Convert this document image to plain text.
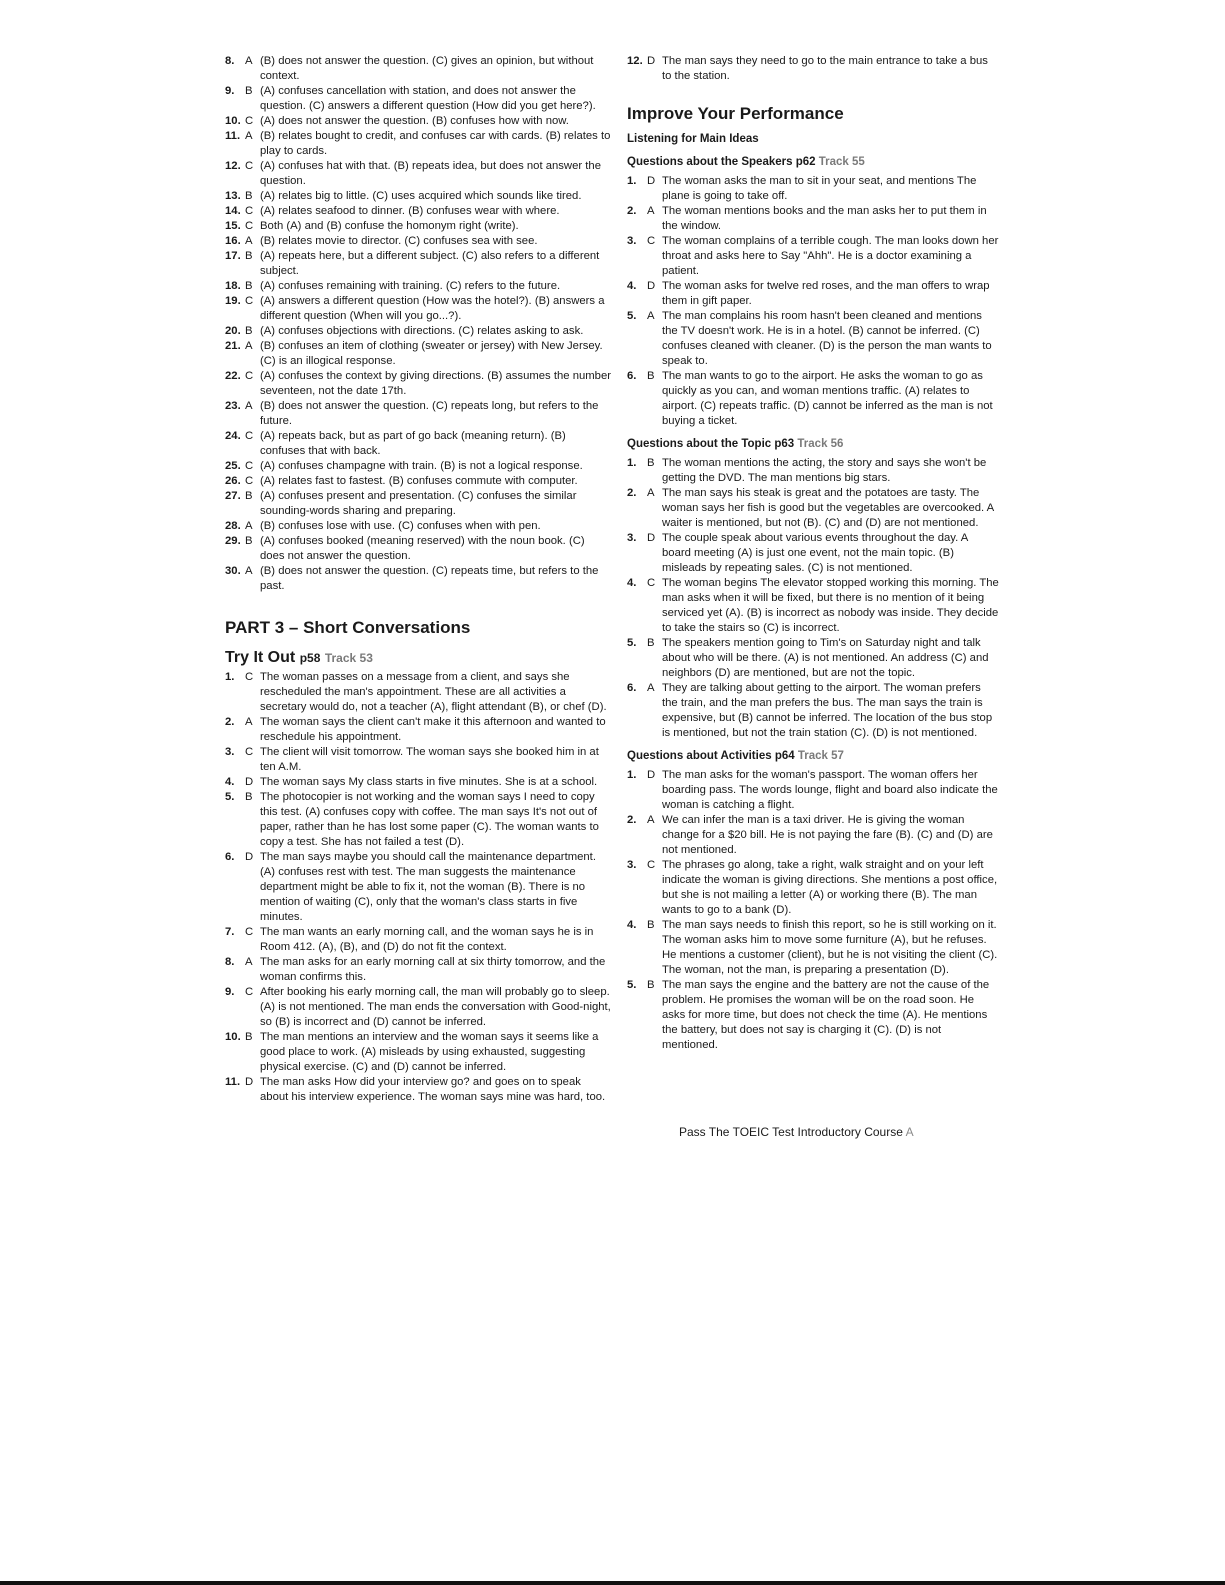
8. A (B) does not answer the question. (C) gives an opinion, but without context.
9. B (A) confuses cancellation with station, and does not answer the question. (C) answers a different question (How did you get here?).
10. C (A) does not answer the question. (B) confuses how with now.
11. A (B) relates bought to credit, and confuses car with cards. (B) relates to play to cards.
12. C (A) confuses hat with that. (B) repeats idea, but does not answer the question.
13. B (A) relates big to little. (C) uses acquired which sounds like tired.
14. C (A) relates seafood to dinner. (B) confuses wear with where.
15. C Both (A) and (B) confuse the homonym right (write).
16. A (B) relates movie to director. (C) confuses sea with see.
17. B (A) repeats here, but a different subject. (C) also refers to a different subject.
18. B (A) confuses remaining with training. (C) refers to the future.
19. C (A) answers a different question (How was the hotel?). (B) answers a different question (When will you go...?).
20. B (A) confuses objections with directions. (C) relates asking to ask.
21. A (B) confuses an item of clothing (sweater or jersey) with New Jersey. (C) is an illogical response.
22. C (A) confuses the context by giving directions. (B) assumes the number seventeen, not the date 17th.
23. A (B) does not answer the question. (C) repeats long, but refers to the future.
24. C (A) repeats back, but as part of go back (meaning return). (B) confuses that with back.
25. C (A) confuses champagne with train. (B) is not a logical response.
26. C (A) relates fast to fastest. (B) confuses commute with computer.
27. B (A) confuses present and presentation. (C) confuses the similar sounding-words sharing and preparing.
28. A (B) confuses lose with use. (C) confuses when with pen.
29. B (A) confuses booked (meaning reserved) with the noun book. (C) does not answer the question.
30. A (B) does not answer the question. (C) repeats time, but refers to the past.
PART 3 – Short Conversations
Try It Out p58 Track 53
1. C The woman passes on a message from a client, and says she rescheduled the man's appointment. These are all activities a secretary would do, not a teacher (A), flight attendant (B), or chef (D).
2. A The woman says the client can't make it this afternoon and wanted to reschedule his appointment.
3. C The client will visit tomorrow. The woman says she booked him in at ten A.M.
4. D The woman says My class starts in five minutes. She is at a school.
5. B The photocopier is not working and the woman says I need to copy this test. (A) confuses copy with coffee. The man says It's not out of paper, rather than he has lost some paper (C). The woman wants to copy a test. She has not failed a test (D).
6. D The man says maybe you should call the maintenance department. (A) confuses rest with test. The man suggests the maintenance department might be able to fix it, not the woman (B). There is no mention of waiting (C), only that the woman's class starts in five minutes.
7. C The man wants an early morning call, and the woman says he is in Room 412. (A), (B), and (D) do not fit the context.
8. A The man asks for an early morning call at six thirty tomorrow, and the woman confirms this.
9. C After booking his early morning call, the man will probably go to sleep. (A) is not mentioned. The man ends the conversation with Good-night, so (B) is incorrect and (D) cannot be inferred.
10. B The man mentions an interview and the woman says it seems like a good place to work. (A) misleads by using exhausted, suggesting physical exercise. (C) and (D) cannot be inferred.
11. D The man asks How did your interview go? and goes on to speak about his interview experience. The woman says mine was hard, too.
12. D The man says they need to go to the main entrance to take a bus to the station.
Improve Your Performance
Listening for Main Ideas
Questions about the Speakers p62 Track 55
1. D The woman asks the man to sit in your seat, and mentions The plane is going to take off.
2. A The woman mentions books and the man asks her to put them in the window.
3. C The woman complains of a terrible cough. The man looks down her throat and asks here to Say "Ahh". He is a doctor examining a patient.
4. D The woman asks for twelve red roses, and the man offers to wrap them in gift paper.
5. A The man complains his room hasn't been cleaned and mentions the TV doesn't work. He is in a hotel. (B) cannot be inferred. (C) confuses cleaned with cleaner. (D) is the person the man wants to speak to.
6. B The man wants to go to the airport. He asks the woman to go as quickly as you can, and woman mentions traffic. (A) relates to airport. (C) repeats traffic. (D) cannot be inferred as the man is not buying a ticket.
Questions about the Topic p63 Track 56
1. B The woman mentions the acting, the story and says she won't be getting the DVD. The man mentions big stars.
2. A The man says his steak is great and the potatoes are tasty. The woman says her fish is good but the vegetables are overcooked. A waiter is mentioned, but not (B). (C) and (D) are not mentioned.
3. D The couple speak about various events throughout the day. A board meeting (A) is just one event, not the main topic. (B) misleads by repeating sales. (C) is not mentioned.
4. C The woman begins The elevator stopped working this morning. The man asks when it will be fixed, but there is no mention of it being serviced yet (A). (B) is incorrect as nobody was inside. They decide to take the stairs so (C) is incorrect.
5. B The speakers mention going to Tim's on Saturday night and talk about who will be there. (A) is not mentioned. An address (C) and neighbors (D) are mentioned, but are not the topic.
6. A They are talking about getting to the airport. The woman prefers the train, and the man prefers the bus. The man says the train is expensive, but (B) cannot be inferred. The location of the bus stop is mentioned, but not the train station (C). (D) is not mentioned.
Questions about Activities p64 Track 57
1. D The man asks for the woman's passport. The woman offers her boarding pass. The words lounge, flight and board also indicate the woman is catching a flight.
2. A We can infer the man is a taxi driver. He is giving the woman change for a $20 bill. He is not paying the fare (B). (C) and (D) are not mentioned.
3. C The phrases go along, take a right, walk straight and on your left indicate the woman is giving directions. She mentions a post office, but she is not mailing a letter (A) or working there (B). The man wants to go to a bank (D).
4. B The man says needs to finish this report, so he is still working on it. The woman asks him to move some furniture (A), but he refuses. He mentions a customer (client), but he is not visiting the client (C). The woman, not the man, is preparing a presentation (D).
5. B The man says the engine and the battery are not the cause of the problem. He promises the woman will be on the road soon. He asks for more time, but does not check the time (A). He mentions the battery, but does not say is charging it (C). (D) is not mentioned.
Pass The TOEIC Test Introductory Course A
